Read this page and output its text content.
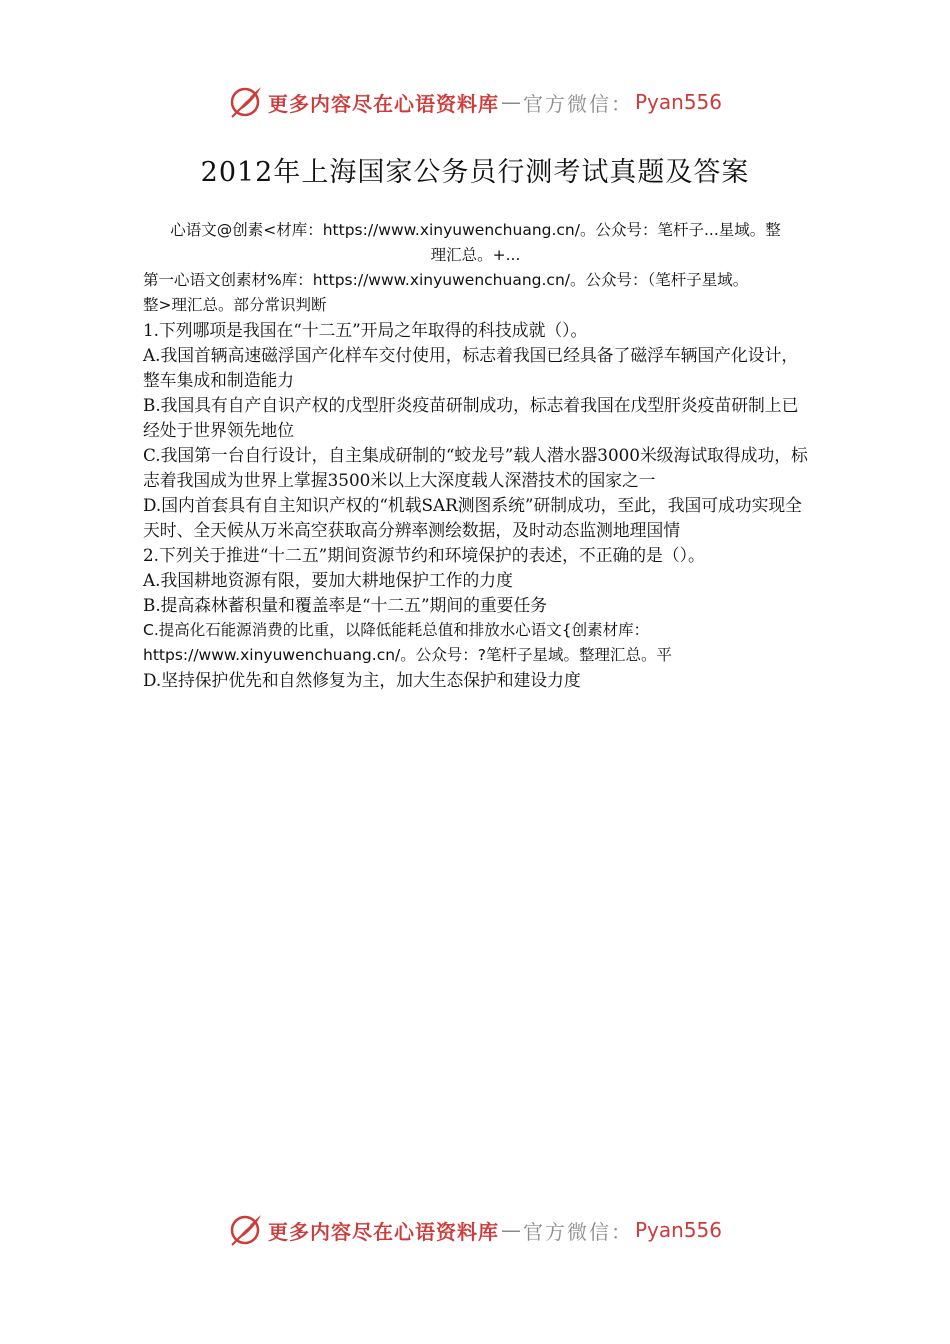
更多内容尽在心语资料库 — 官方微信： Pyan556
2012年上海国家公务员行测考试真题及答案

心语文@创素<材库：https://www.xinyuwenchuang.cn/。公众号：笔杆子...星域。整

理汇总。+...

第一心语文创素材%库：https://www.xinyuwenchuang.cn/。公众号：（笔杆子星域。

整>理汇总。部分常识判断

1.下列哪项是我国在“十二五”开局之年取得的科技成就（）。

A.我国首辆高速磁浮国产化样车交付使用，标志着我国已经具备了磁浮车辆国产化设计，整车集成和制造能力

B.我国具有自产自识产权的戊型肝炎疫苗研制成功，标志着我国在戊型肝炎疫苗研制上已经处于世界领先地位

C.我国第一台自行设计，自主集成研制的“蛟龙号”载人潜水器3000米级海试取得成功，标志着我国成为世界上掌握3500米以上大深度载人深潜技术的国家之一

D.国内首套具有自主知识产权的“机载SAR测图系统”研制成功，至此，我国可成功实现全天时、全天候从万米高空获取高分辨率测绘数据，及时动态监测地理国情

2.下列关于推进“十二五”期间资源节约和环境保护的表述，不正确的是（）。

A.我国耕地资源有限，要加大耕地保护工作的力度

B.提高森林蓄积量和覆盖率是“十二五”期间的重要任务

C.提高化石能源消费的比重，以降低能耗总值和排放水心语文{创素材库：https://www.xinyuwenchuang.cn/。公众号：?笔杆子星域。整理汇总。平

D.坚持保护优先和自然修复为主，加大生态保护和建设力度

更多内容尽在心语资料库 — 官方微信： Pyan556
